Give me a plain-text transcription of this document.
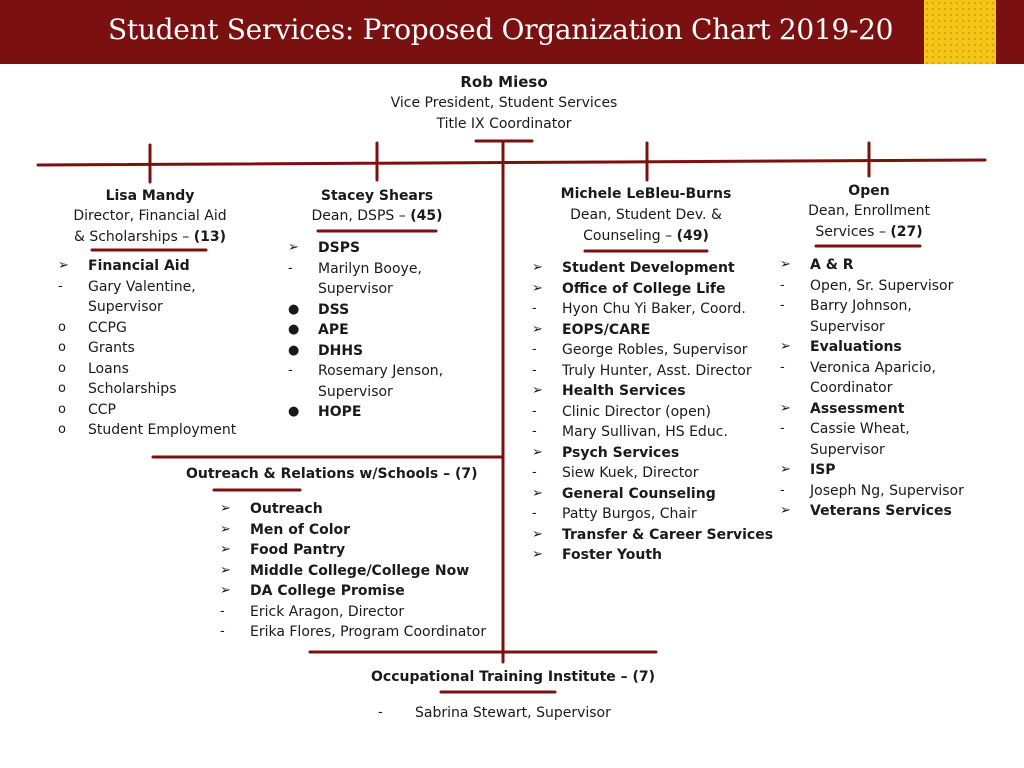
Student Services: Proposed Organization Chart 2019-20
Rob Mieso
Vice President, Student Services
Title IX Coordinator
Lisa Mandy
Director, Financial Aid
& Scholarships – (13)
➢	Financial Aid
-	Gary Valentine,
Supervisor
o	CCPG
o	Grants
o	Loans
o	Scholarships
o	CCP
o	Student Employment
Stacey Shears
Dean, DSPS – (45)
➢	DSPS
-	Marilyn Booye,
Supervisor
●	DSS
●	APE
●	DHHS
-	Rosemary Jenson,
Supervisor
●	HOPE
Michele LeBleu-Burns
Dean, Student Dev. &
Counseling – (49)
➢	Student Development
➢	Office of College Life
-	Hyon Chu Yi Baker, Coord.
➢	EOPS/CARE
-	George Robles, Supervisor
-	Truly Hunter, Asst. Director
➢	Health Services
-	Clinic Director (open)
-	Mary Sullivan, HS Educ.
➢	Psych Services
-	Siew Kuek, Director
➢	General Counseling
-	Patty Burgos, Chair
➢	Transfer & Career Services
➢	Foster Youth
Open
Dean, Enrollment
Services – (27)
➢	A & R
-	Open, Sr. Supervisor
-	Barry Johnson,
Supervisor
➢	Evaluations
-	Veronica Aparicio,
Coordinator
➢	Assessment
-	Cassie Wheat,
Supervisor
➢	ISP
-	Joseph Ng, Supervisor
➢	Veterans Services
Outreach & Relations w/Schools – (7)
➢	Outreach
➢	Men of Color
➢	Food Pantry
➢	Middle College/College Now
➢	DA College Promise
-	Erick Aragon, Director
-	Erika Flores, Program Coordinator
Occupational Training Institute – (7)
-	Sabrina Stewart, Supervisor
